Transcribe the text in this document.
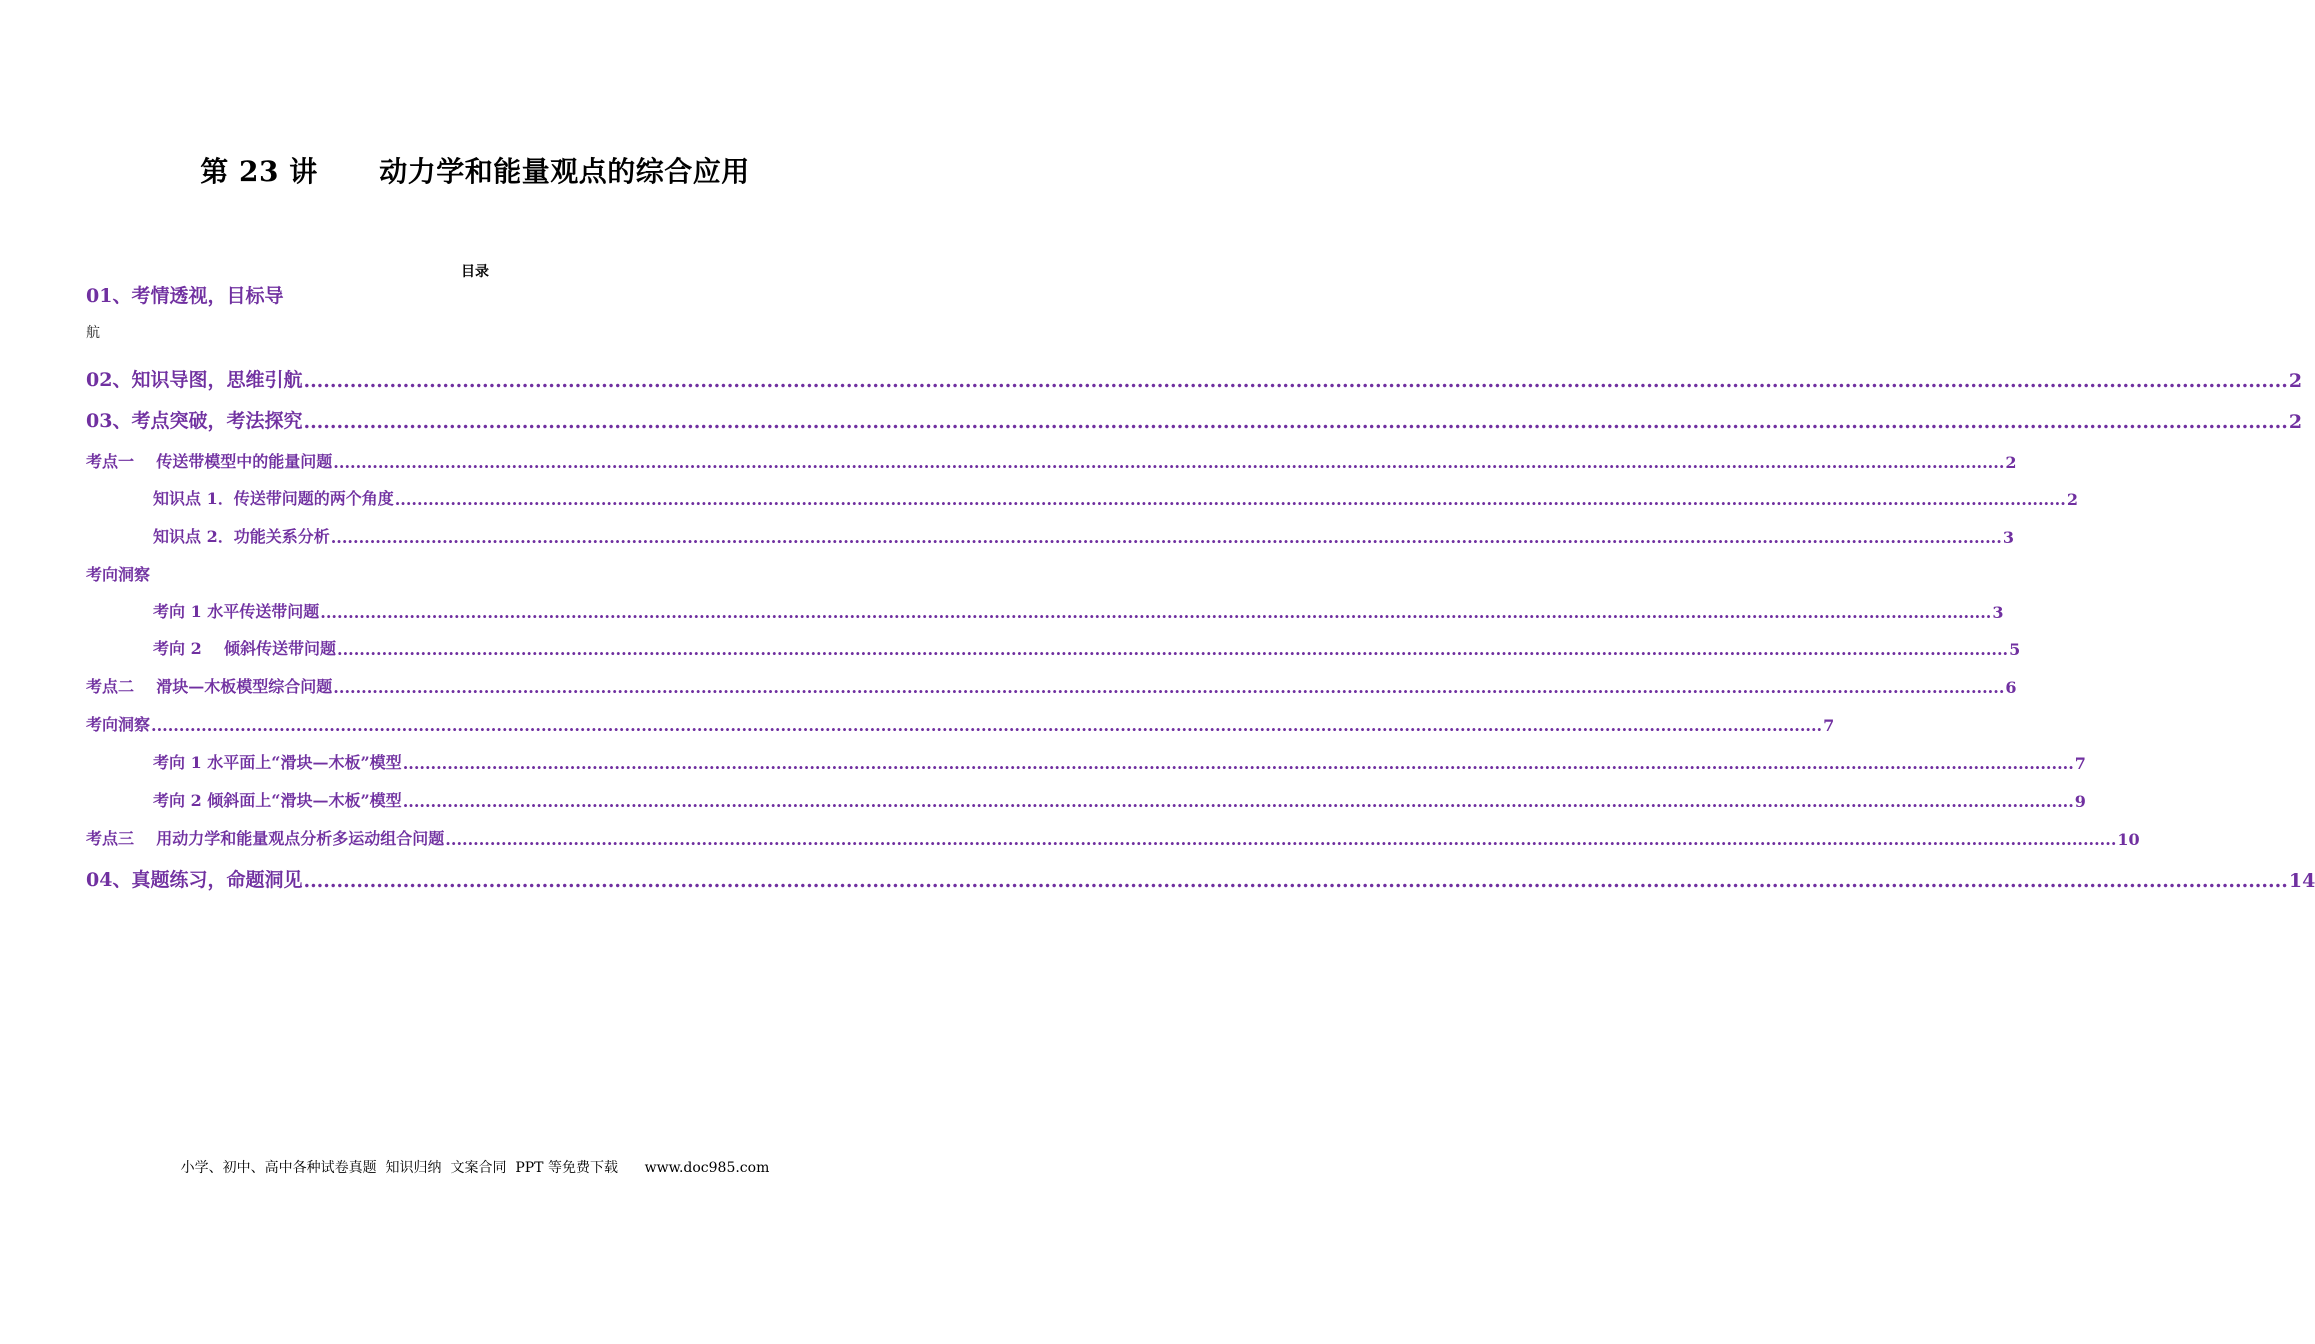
第 23 讲      动力学和能量观点的综合应用
目录
01、考情透视，目标导
航
02、知识导图，思维引航 ............................................................................................................................................................................................................................................................................................................ 2
03、考点突破，考法探究 ............................................................................................................................................................................................................................................................................................................ 2
考点一    传送带模型中的能量问题 ............................................................................................................................................................................................................................................................................................................ 2
知识点 1．传送带问题的两个角度 ............................................................................................................................................................................................................................................................................................................ 2
知识点 2．功能关系分析 ............................................................................................................................................................................................................................................................................................................ 3
考向洞察
考向 1 水平传送带问题 ............................................................................................................................................................................................................................................................................................................ 3
考向 2    倾斜传送带问题 ............................................................................................................................................................................................................................................................................................................ 5
考点二    滑块—木板模型综合问题 ............................................................................................................................................................................................................................................................................................................ 6
考向洞察 ............................................................................................................................................................................................................................................................................................................ 7
考向 1 水平面上“滑块—木板”模型 ............................................................................................................................................................................................................................................................................................................ 7
考向 2 倾斜面上“滑块—木板”模型 ............................................................................................................................................................................................................................................................................................................ 9
考点三    用动力学和能量观点分析多运动组合问题 ............................................................................................................................................................................................................................................................................................................ 10
04、真题练习，命题洞见 ............................................................................................................................................................................................................................................................................................................ 14
小学、初中、高中各种试卷真题  知识归纳  文案合同  PPT 等免费下载      www.doc985.com
